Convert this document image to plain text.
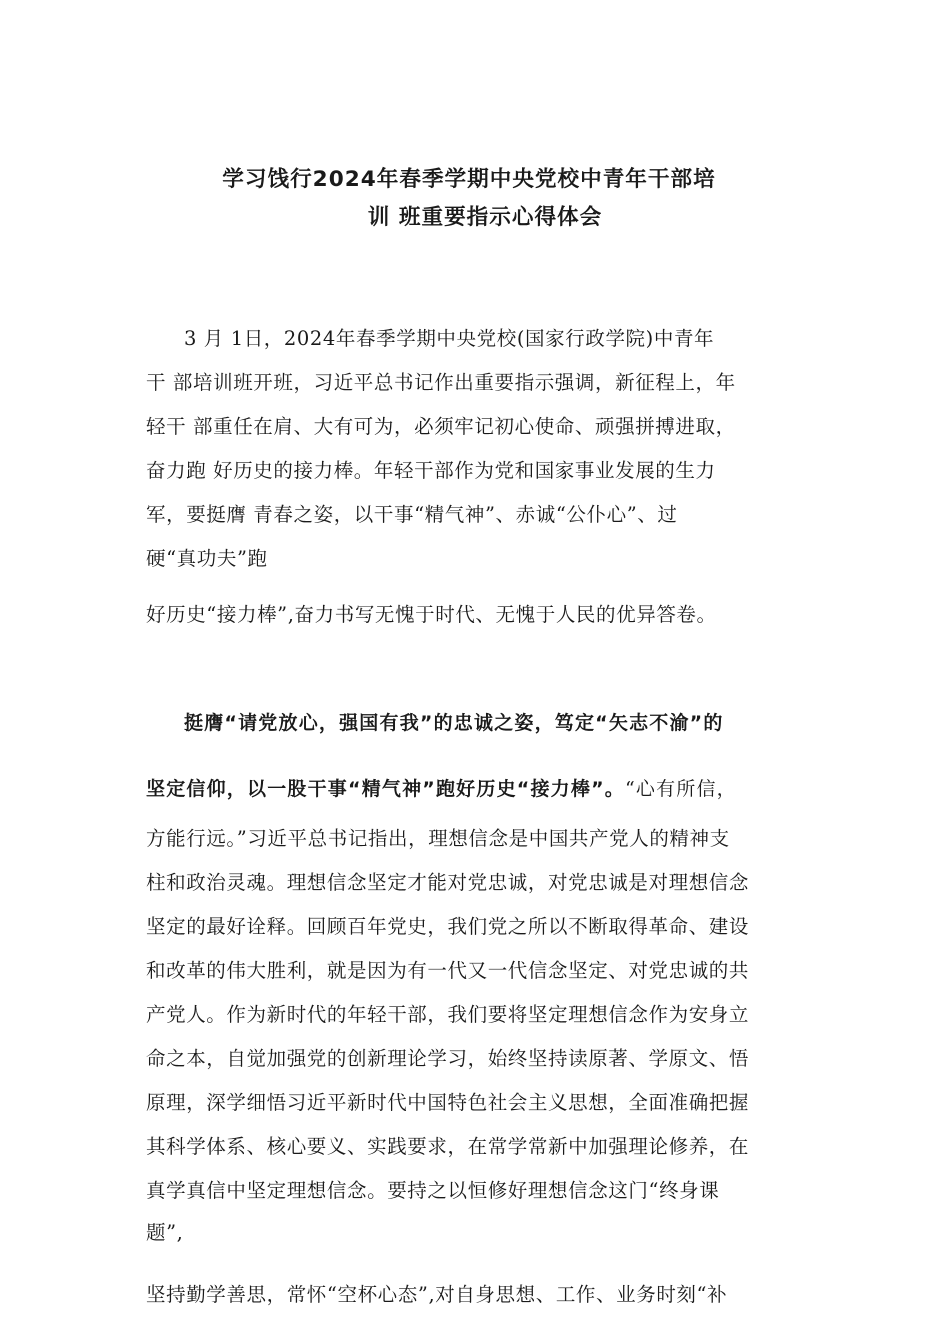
学习饯行2024年春季学期中央党校中青年干部培
训 班重要指示心得体会
3 月 1日，2024年春季学期中央党校(国家行政学院)中青年
干 部培训班开班，习近平总书记作出重要指示强调，新征程上，年
轻干 部重任在肩、大有可为，必须牢记初心使命、顽强拼搏进取，
奋力跑 好历史的接力棒。年轻干部作为党和国家事业发展的生力
军，要挺膺 青春之姿，以干事“精气神”、赤诚“公仆心”、过
硬“真功夫”跑
好历史“接力棒”,奋力书写无愧于时代、无愧于人民的优异答卷。
挺膺“请党放心，强国有我”的忠诚之姿，笃定“矢志不渝”的
坚定信仰，以一股干事“精气神”跑好历史“接力棒”。“心有所信，
方能行远。”习近平总书记指出，理想信念是中国共产党人的精神支
柱和政治灵魂。理想信念坚定才能对党忠诚，对党忠诚是对理想信念
坚定的最好诠释。回顾百年党史，我们党之所以不断取得革命、建设
和改革的伟大胜利，就是因为有一代又一代信念坚定、对党忠诚的共
产党人。作为新时代的年轻干部，我们要将坚定理想信念作为安身立
命之本，自觉加强党的创新理论学习，始终坚持读原著、学原文、悟
原理，深学细悟习近平新时代中国特色社会主义思想，全面准确把握
其科学体系、核心要义、实践要求，在常学常新中加强理论修养，在
真学真信中坚定理想信念。要持之以恒修好理想信念这门“终身课
题”,
坚持勤学善思，常怀“空杯心态”,对自身思想、工作、业务时刻“补
